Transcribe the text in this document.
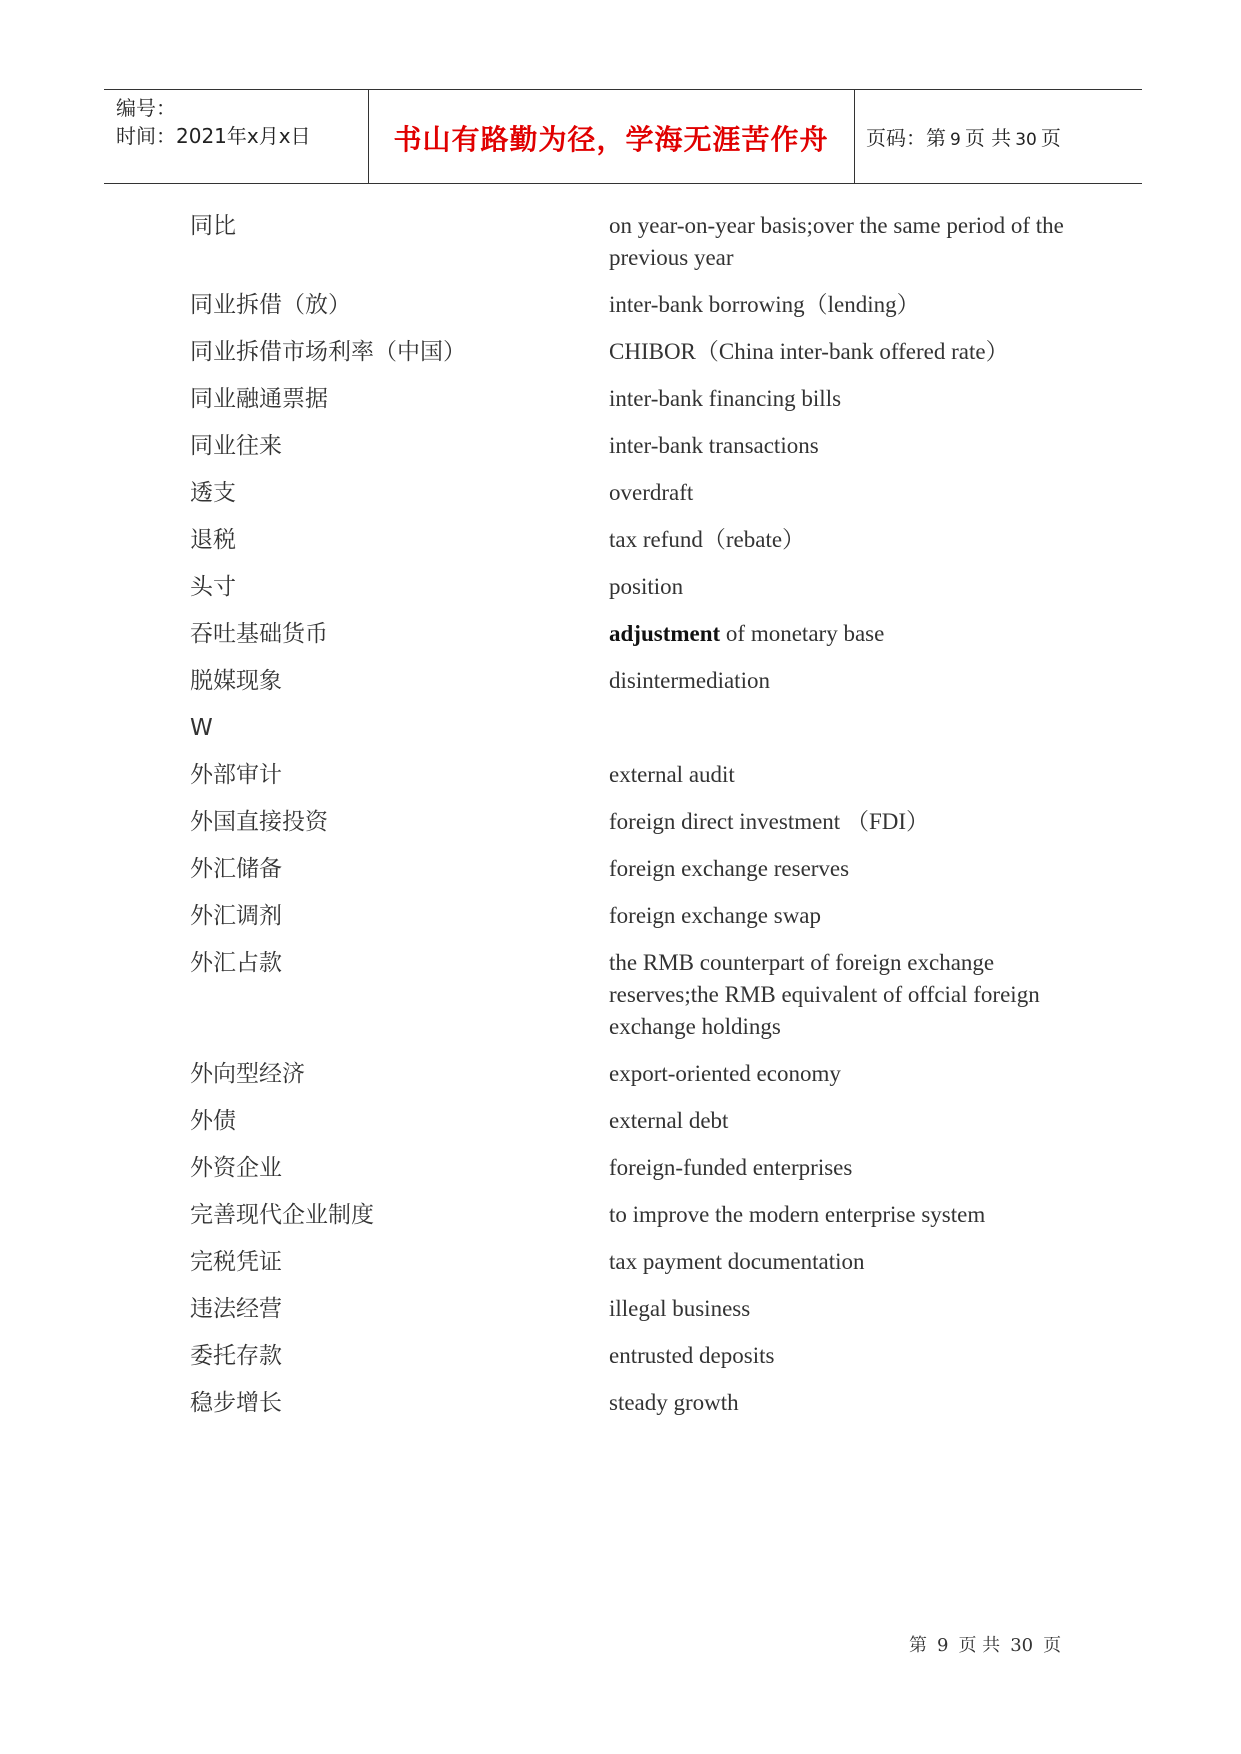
编号：
时间：2021年x月x日	书山有路勤为径，学海无涯苦作舟	页码：第 9 页 共 30 页
同比	on year-on-year basis;over the same period of the previous year
同业拆借（放）	inter-bank borrowing（lending）
同业拆借市场利率（中国）	CHIBOR（China inter-bank offered rate）
同业融通票据	inter-bank financing bills
同业往来	inter-bank transactions
透支	overdraft
退税	tax refund（rebate）
头寸	position
吞吐基础货币	adjustment of monetary base
脱媒现象	disintermediation
W
外部审计	external audit
外国直接投资	foreign direct investment （FDI）
外汇储备	foreign exchange reserves
外汇调剂	foreign exchange swap
外汇占款	the RMB counterpart of foreign exchange reserves;the RMB equivalent of offcial foreign exchange holdings
外向型经济	export-oriented economy
外债	external debt
外资企业	foreign-funded enterprises
完善现代企业制度	to improve the modern enterprise system
完税凭证	tax payment documentation
违法经营	illegal business
委托存款	entrusted deposits
稳步增长	steady growth
第 9 页 共 30 页
